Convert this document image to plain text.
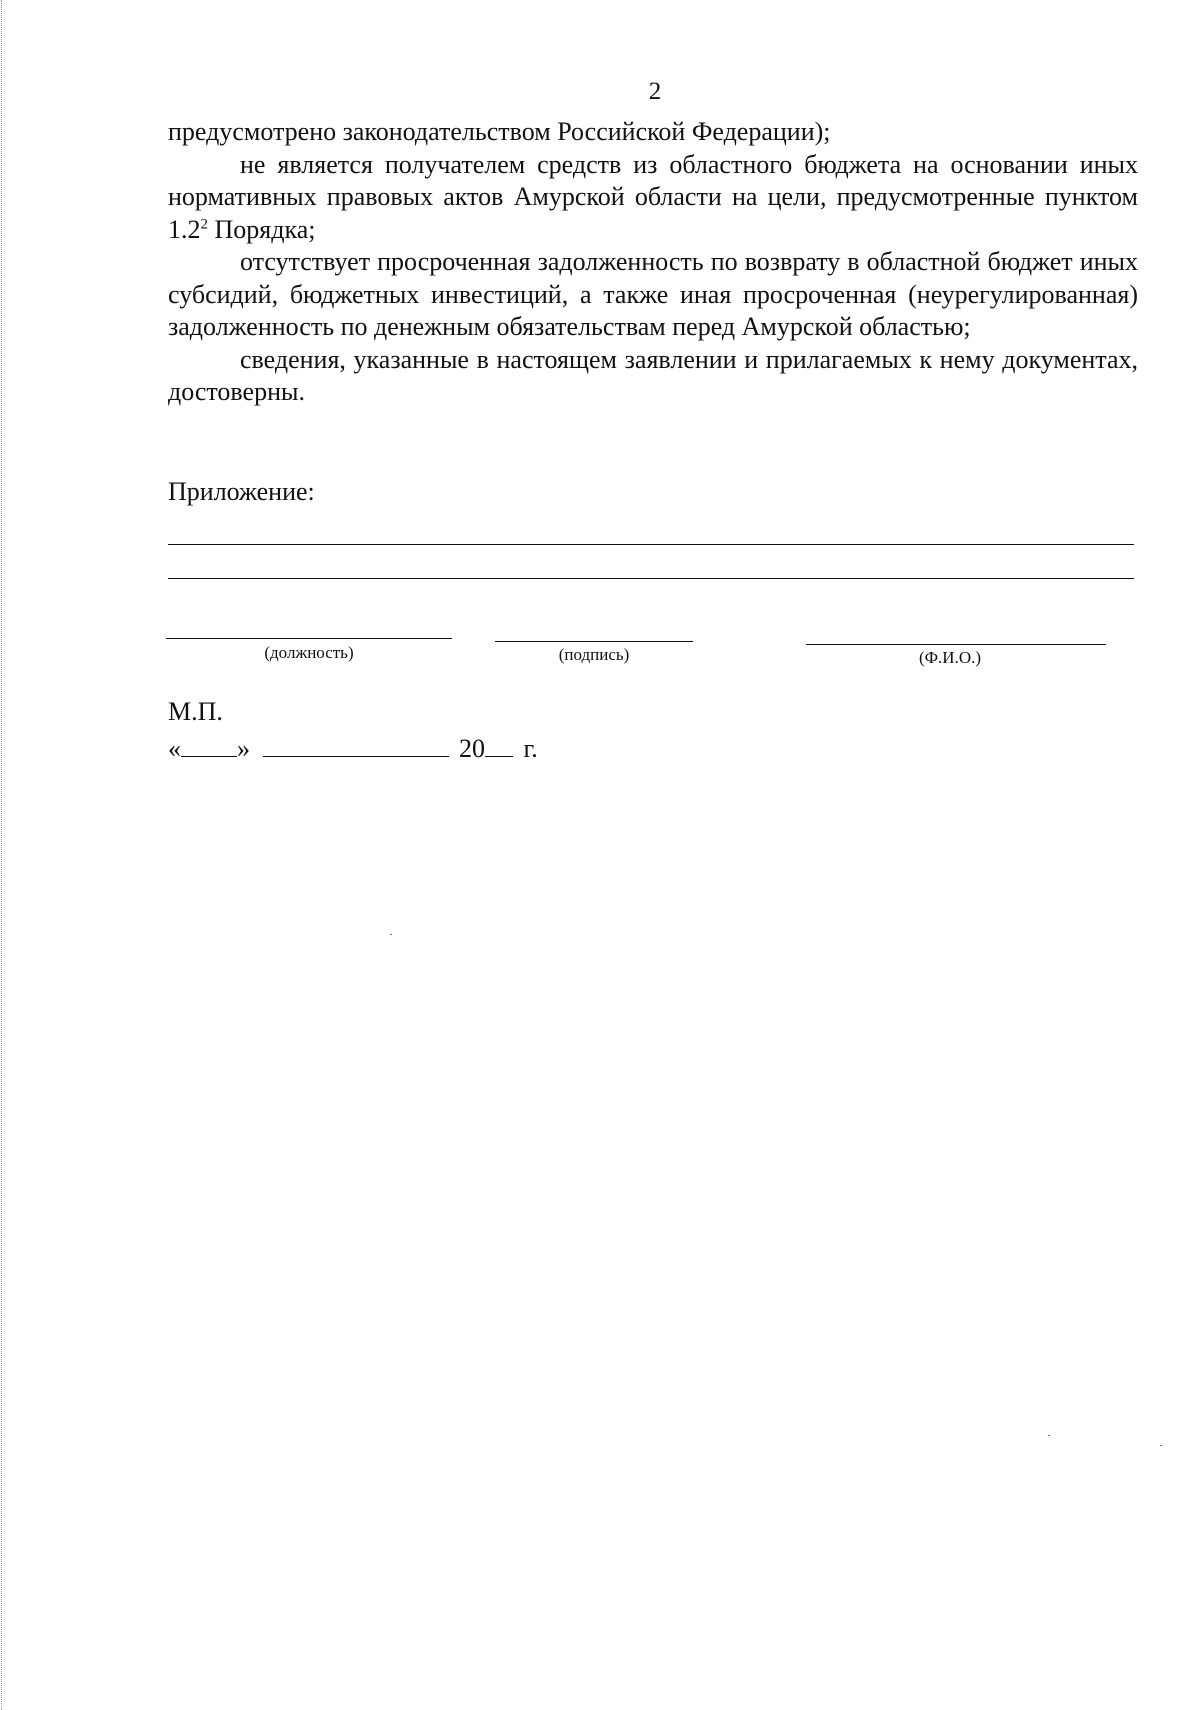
2

предусмотрено законодательством Российской Федерации);

не является получателем средств из областного бюджета на основании иных нормативных правовых актов Амурской области на цели, предусмотренные пунктом $1.2^2$ Порядка;

отсутствует просроченная задолженность по возврату в областной бюджет иных субсидий, бюджетных инвестиций, а также иная просроченная (неурегулированная) задолженность по денежным обязательствам перед Амурской областью;

сведения, указанные в настоящем заявлении и прилагаемых к нему документах, достоверны.

Приложение:
(должность)	(подпись)	(Ф.И.О.)
М.П.
« »	20 г.
